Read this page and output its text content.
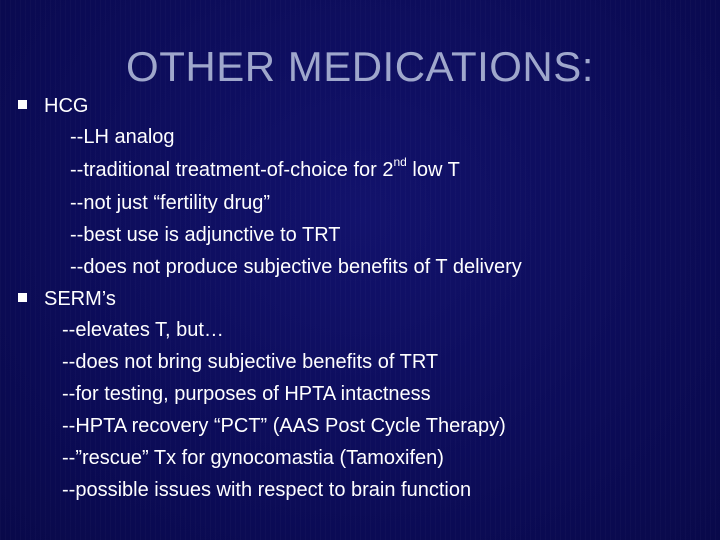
OTHER MEDICATIONS:
HCG
--LH analog
--traditional treatment-of-choice for 2nd low T
--not just “fertility drug”
--best use is adjunctive to TRT
--does not produce subjective benefits of T delivery
SERM’s
--elevates T, but…
--does not bring subjective benefits of TRT
--for testing, purposes of HPTA intactness
--HPTA recovery “PCT” (AAS Post Cycle Therapy)
--”rescue” Tx for gynocomastia (Tamoxifen)
--possible issues with respect to brain function
